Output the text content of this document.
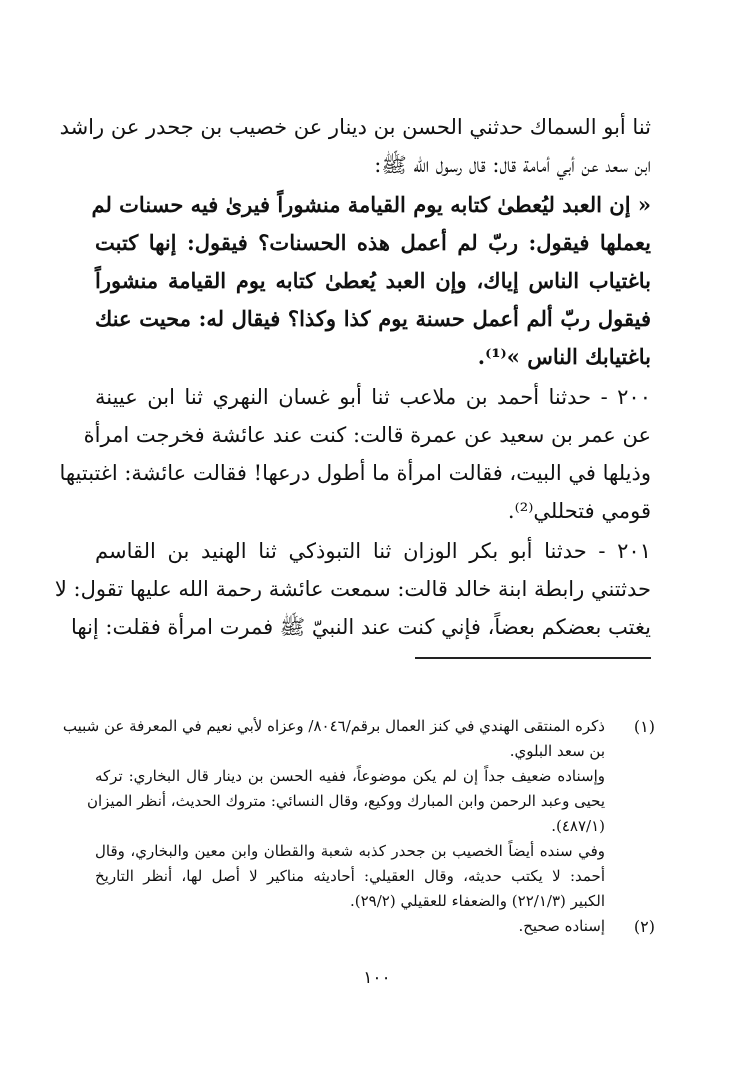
ثنا أبو السماك حدثني الحسن بن دينار عن خصيب بن جحدر عن راشد
ابن سعد عن أبي أمامة قال: قال رسول الله ﷺ:
« إن العبد ليُعطىٰ كتابه يوم القيامة منشوراً فيرىٰ فيه حسنات لم
يعملها فيقول: ربّ لم أعمل هذه الحسنات؟ فيقول: إنها كتبت
باغتياب الناس إياك، وإن العبد يُعطىٰ كتابه يوم القيامة منشوراً
فيقول ربّ ألم أعمل حسنة يوم كذا وكذا؟ فيقال له: محيت عنك
باغتيابك الناس »⁽¹⁾.
٢٠٠ - حدثنا أحمد بن ملاعب ثنا أبو غسان النهري ثنا ابن عيينة
عن عمر بن سعيد عن عمرة قالت: كنت عند عائشة فخرجت امرأة
وذيلها في البيت، فقالت امرأة ما أطول درعها! فقالت عائشة: اغتبتيها
قومي فتحللي⁽²⁾.
٢٠١ - حدثنا أبو بكر الوزان ثنا التبوذكي ثنا الهنيد بن القاسم
حدثتني رابطة ابنة خالد قالت: سمعت عائشة رحمة الله عليها تقول: لا
يغتب بعضكم بعضاً، فإني كنت عند النبيّ ﷺ فمرت امرأة فقلت: إنها
(١)
ذكره المنتقى الهندي في كنز العمال برقم/٨٠٤٦/ وعزاه لأبي نعيم في المعرفة عن شبيب
بن سعد البلوي.
وإسناده ضعيف جداً إن لم يكن موضوعاً، ففيه الحسن بن دينار قال البخاري: تركه
يحيى وعبد الرحمن وابن المبارك ووكيع، وقال النسائي: متروك الحديث، أنظر الميزان
(٤٨٧/١).
وفي سنده أيضاً الخصيب بن جحدر كذبه شعبة والقطان وابن معين والبخاري، وقال
أحمد: لا يكتب حديثه، وقال العقيلي: أحاديثه مناكير لا أصل لها، أنظر التاريخ
الكبير (٢٢/١/٣) والضعفاء للعقيلي (٢٩/٢).
(٢)
إسناده صحيح.
١٠٠
